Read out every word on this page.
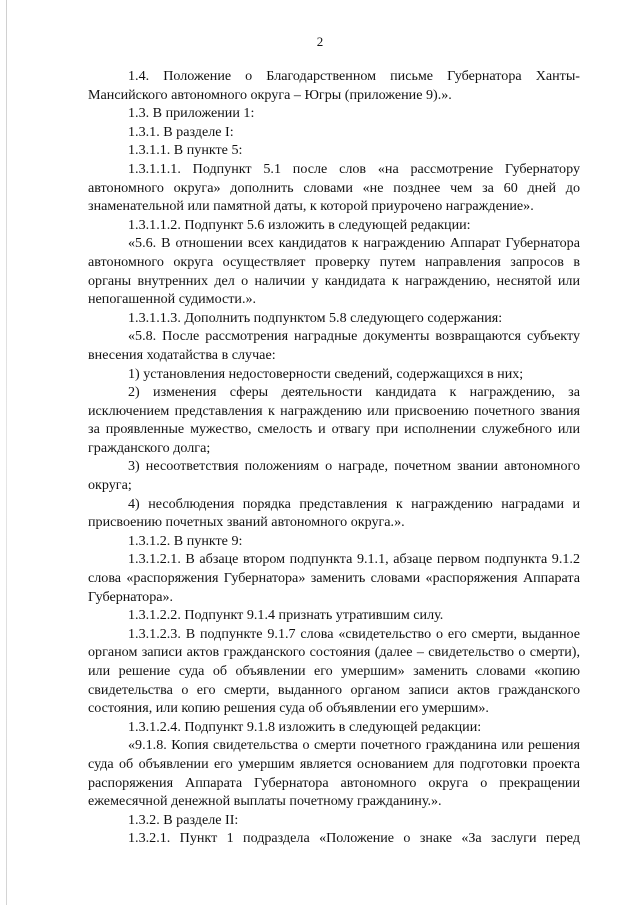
2

1.4. Положение о Благодарственном письме Губернатора Ханты-Мансийского автономного округа – Югры (приложение 9).».

1.3. В приложении 1:

1.3.1. В разделе I:

1.3.1.1. В пункте 5:

1.3.1.1.1. Подпункт 5.1 после слов «на рассмотрение Губернатору автономного округа» дополнить словами «не позднее чем за 60 дней до знаменательной или памятной даты, к которой приурочено награждение».

1.3.1.1.2. Подпункт 5.6 изложить в следующей редакции:

«5.6. В отношении всех кандидатов к награждению Аппарат Губернатора автономного округа осуществляет проверку путем направления запросов в органы внутренних дел о наличии у кандидата к награждению, неснятой или непогашенной судимости.».

1.3.1.1.3. Дополнить подпунктом 5.8 следующего содержания:

«5.8. После рассмотрения наградные документы возвращаются субъекту внесения ходатайства в случае:

1) установления недостоверности сведений, содержащихся в них;

2) изменения сферы деятельности кандидата к награждению, за исключением представления к награждению или присвоению почетного звания за проявленные мужество, смелость и отвагу при исполнении служебного или гражданского долга;

3) несоответствия положениям о награде, почетном звании автономного округа;

4) несоблюдения порядка представления к награждению наградами и присвоению почетных званий автономного округа.».

1.3.1.2. В пункте 9:

1.3.1.2.1. В абзаце втором подпункта 9.1.1, абзаце первом подпункта 9.1.2 слова «распоряжения Губернатора» заменить словами «распоряжения Аппарата Губернатора».

1.3.1.2.2. Подпункт 9.1.4 признать утратившим силу.

1.3.1.2.3. В подпункте 9.1.7 слова «свидетельство о его смерти, выданное органом записи актов гражданского состояния (далее – свидетельство о смерти), или решение суда об объявлении его умершим» заменить словами «копию свидетельства о его смерти, выданного органом записи актов гражданского состояния, или копию решения суда об объявлении его умершим».

1.3.1.2.4. Подпункт 9.1.8 изложить в следующей редакции:

«9.1.8. Копия свидетельства о смерти почетного гражданина или решения суда об объявлении его умершим является основанием для подготовки проекта распоряжения Аппарата Губернатора автономного округа о прекращении ежемесячной денежной выплаты почетному гражданину.».

1.3.2. В разделе II:

1.3.2.1. Пункт 1 подраздела «Положение о знаке «За заслуги перед
